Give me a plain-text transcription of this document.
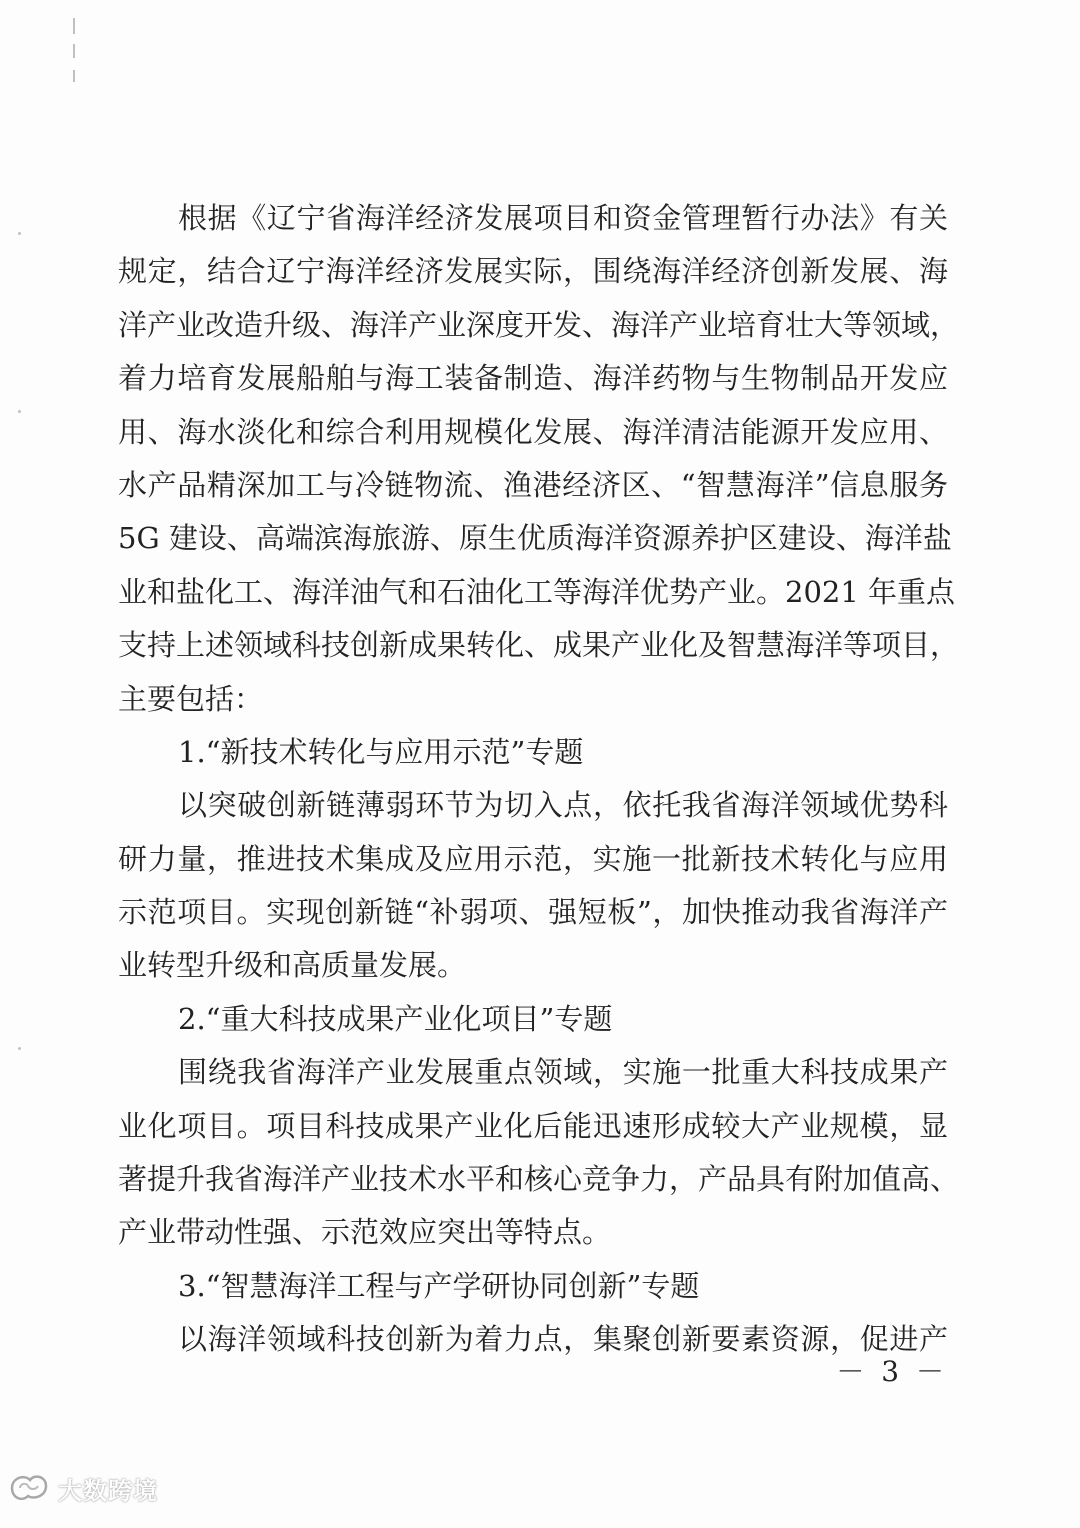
根据《辽宁省海洋经济发展项目和资金管理暂行办法》有关
规定，结合辽宁海洋经济发展实际，围绕海洋经济创新发展、海
洋产业改造升级、海洋产业深度开发、海洋产业培育壮大等领域，
着力培育发展船舶与海工装备制造、海洋药物与生物制品开发应
用、海水淡化和综合利用规模化发展、海洋清洁能源开发应用、
水产品精深加工与冷链物流、渔港经济区、“智慧海洋”信息服务
5G 建设、高端滨海旅游、原生优质海洋资源养护区建设、海洋盐
业和盐化工、海洋油气和石油化工等海洋优势产业。2021 年重点
支持上述领域科技创新成果转化、成果产业化及智慧海洋等项目，
主要包括：
1.“新技术转化与应用示范”专题
以突破创新链薄弱环节为切入点，依托我省海洋领域优势科
研力量，推进技术集成及应用示范，实施一批新技术转化与应用
示范项目。实现创新链“补弱项、强短板”，加快推动我省海洋产
业转型升级和高质量发展。
2.“重大科技成果产业化项目”专题
围绕我省海洋产业发展重点领域，实施一批重大科技成果产
业化项目。项目科技成果产业化后能迅速形成较大产业规模，显
著提升我省海洋产业技术水平和核心竞争力，产品具有附加值高、
产业带动性强、示范效应突出等特点。
3.“智慧海洋工程与产学研协同创新”专题
以海洋领域科技创新为着力点，集聚创新要素资源，促进产
－ 3 －
大数跨境
